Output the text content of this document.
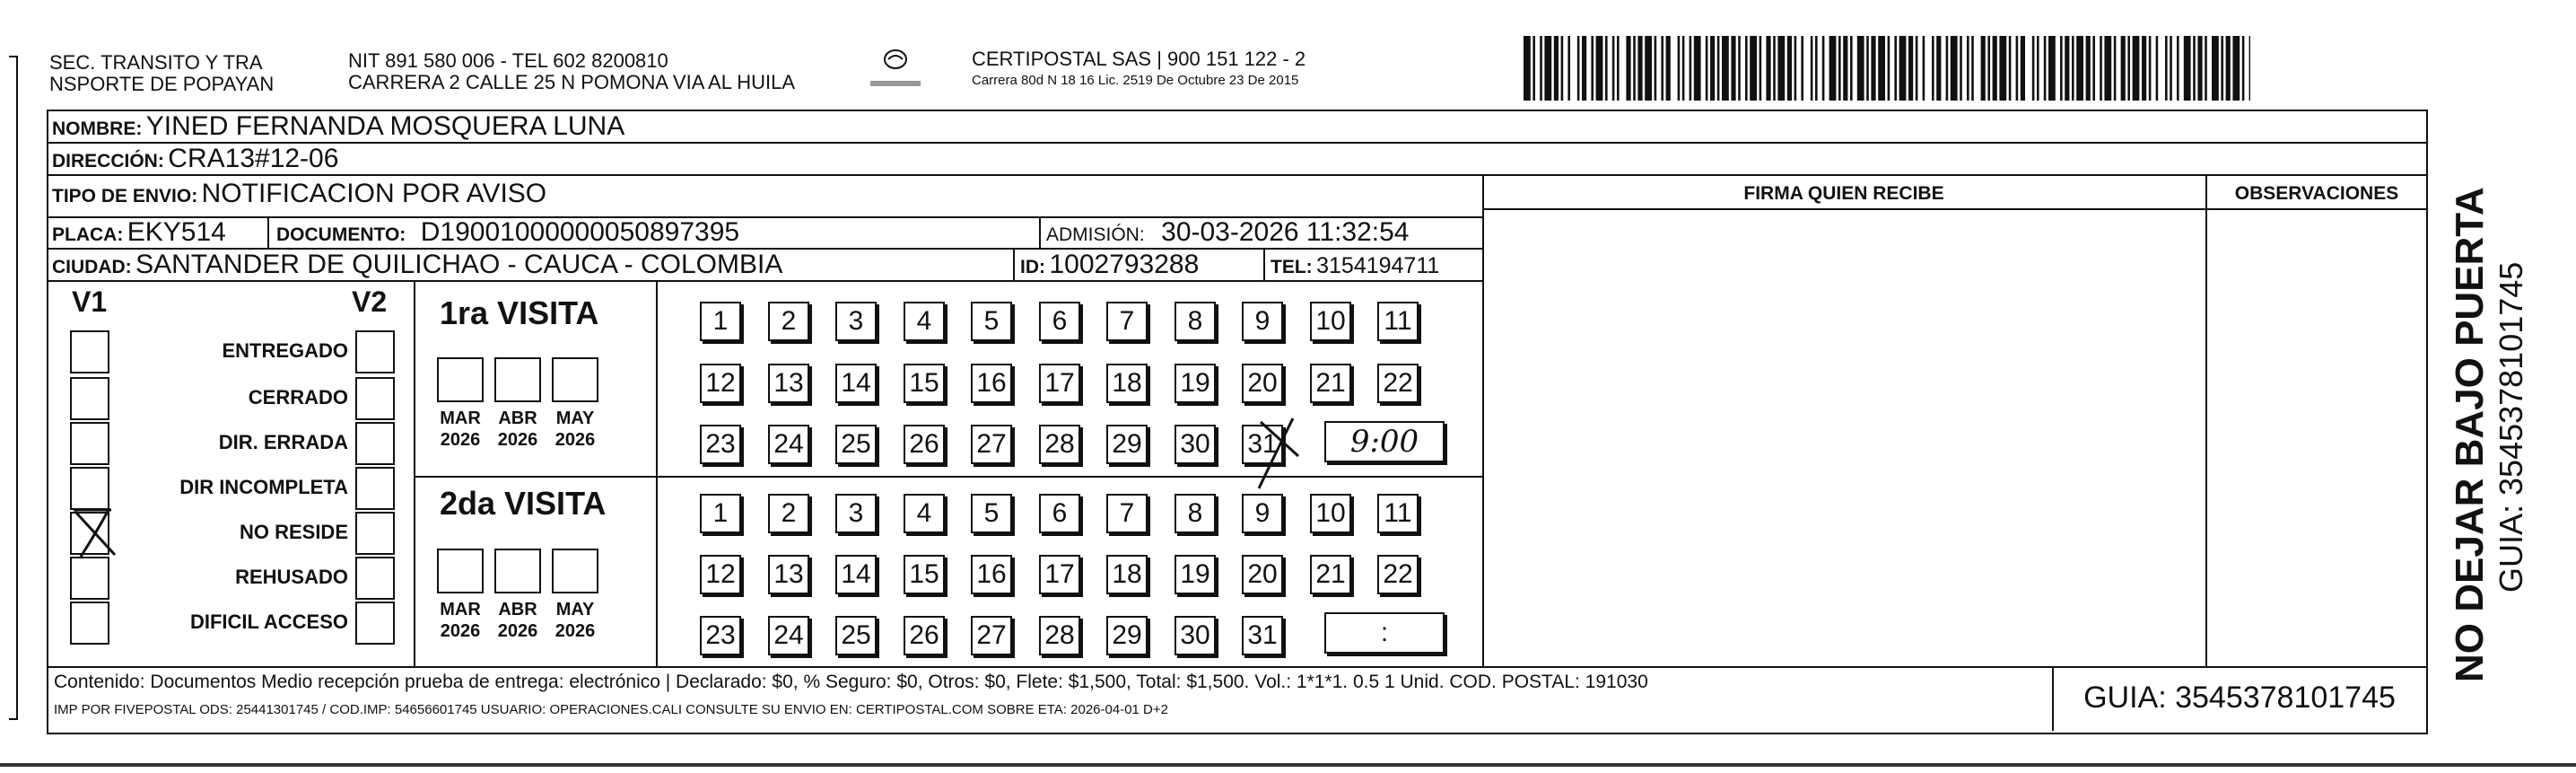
SEC. TRANSITO Y TRA
NSPORTE DE POPAYAN
NIT 891 580 006 - TEL 602 8200810
CARRERA 2 CALLE 25 N POMONA VIA AL HUILA
CERTIPOSTAL SAS | 900 151 122 - 2
Carrera 80d N 18 16 Lic. 2519 De Octubre 23 De 2015
NOMBRE: YINED FERNANDA MOSQUERA LUNA
DIRECCIÓN: CRA13#12-06
TIPO DE ENVIO: NOTIFICACION POR AVISO
PLACA: EKY514	DOCUMENTO: D19001000000050897395	ADMISIÓN: 30-03-2026 11:32:54
CIUDAD: SANTANDER DE QUILICHAO - CAUCA - COLOMBIA	ID: 1002793288	TEL: 3154194711
FIRMA QUIEN RECIBE	OBSERVACIONES
V1	V2
ENTREGADO
CERRADO
DIR. ERRADA
DIR INCOMPLETA
NO RESIDE
REHUSADO
DIFICIL ACCESO
1ra VISITA
2da VISITA
MAR
2026
ABR
2026
MAY
2026
MAR
2026
ABR
2026
MAY
2026
1	2	3	4	5	6	7	8	9	10 11
12 13 14 15 16 17 18 19 20 21 22
23 24 25 26 27 28 29 30 31
1	2	3	4	5	6	7	8	9	10 11
12 13 14 15 16 17 18 19 20 21 22
23 24 25 26 27 28 29 30 31
9:00
:
Contenido: Documentos Medio recepción prueba de entrega: electrónico | Declarado: $0, % Seguro: $0, Otros: $0, Flete: $1,500, Total: $1,500. Vol.: 1*1*1. 0.5 1 Unid. COD. POSTAL: 191030
IMP POR FIVEPOSTAL ODS: 25441301745 / COD.IMP: 54656601745 USUARIO: OPERACIONES.CALI CONSULTE SU ENVIO EN: CERTIPOSTAL.COM SOBRE ETA: 2026-04-01 D+2	GUIA: 3545378101745
NO DEJAR BAJO PUERTA GUIA: 3545378101745
